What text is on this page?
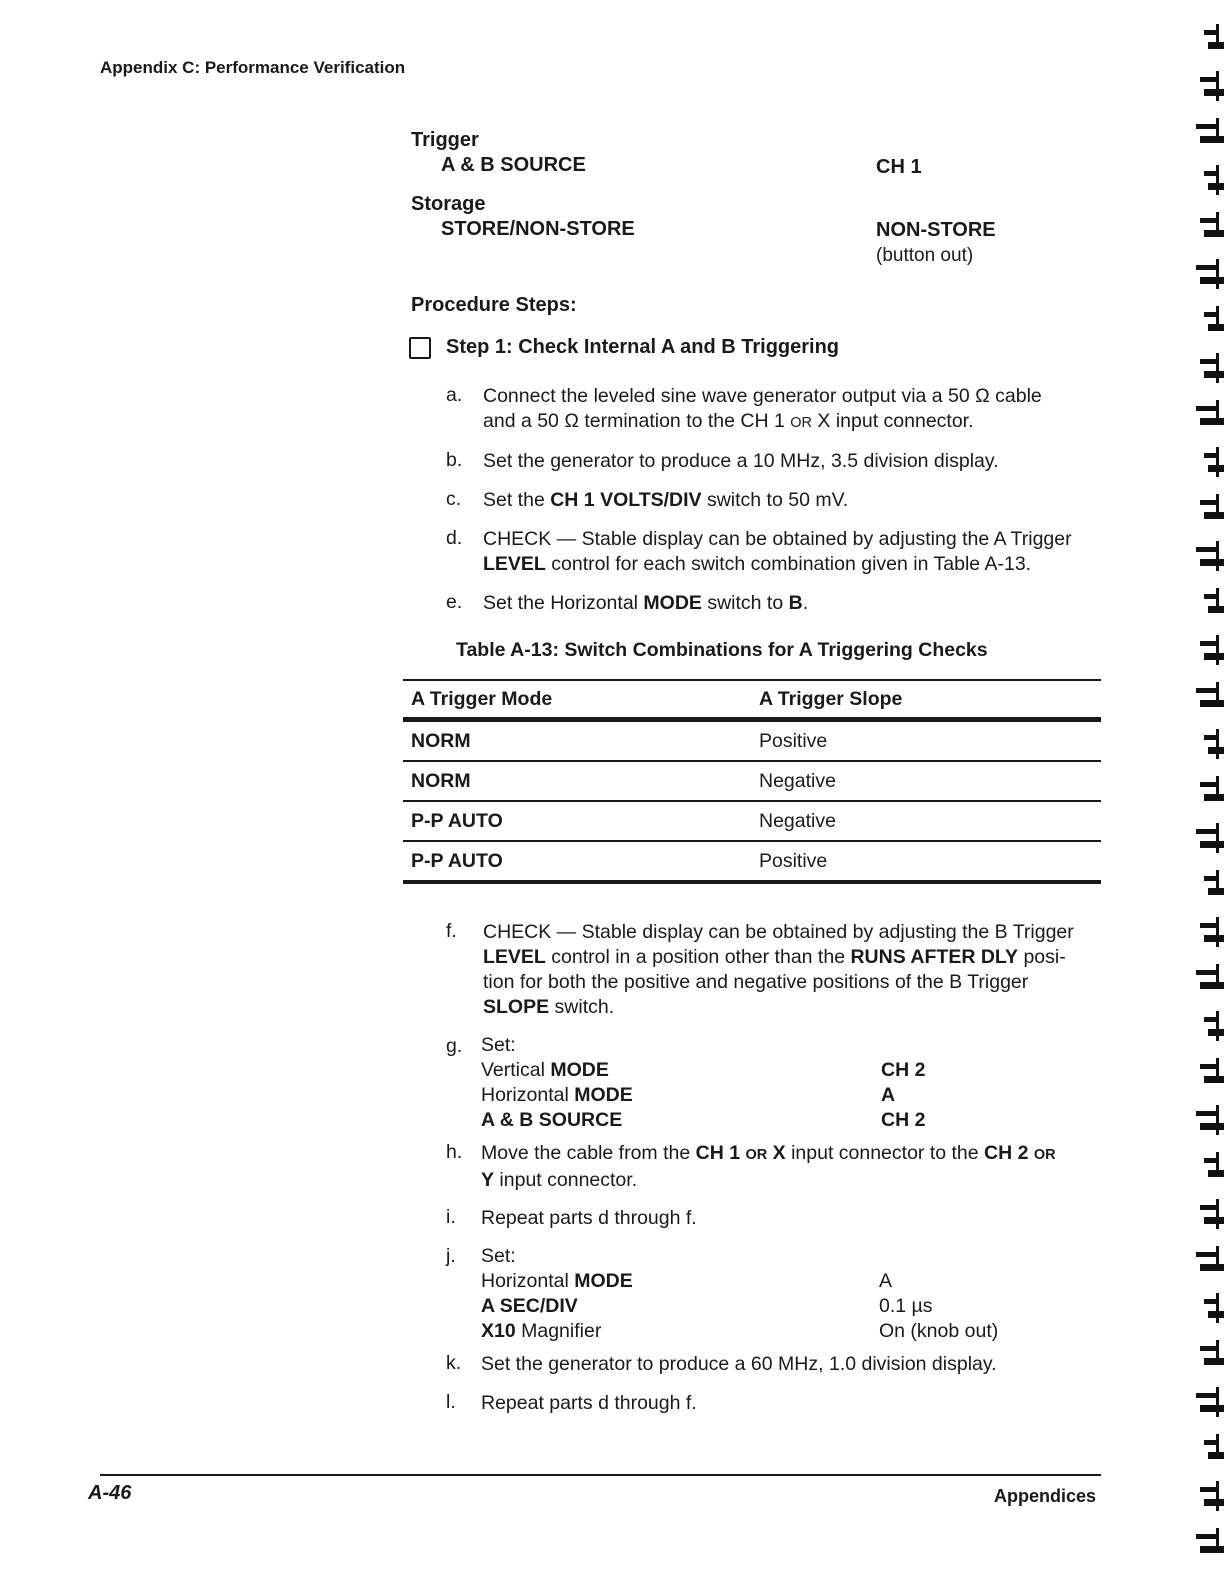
Appendix C: Performance Verification
Trigger
A & B SOURCE	CH 1
Storage
STORE/NON-STORE	NON-STORE
(button out)
Procedure Steps:
Step 1: Check Internal A and B Triggering
a. Connect the leveled sine wave generator output via a 50 Ω cable
and a 50 Ω termination to the CH 1 OR X input connector.
b. Set the generator to produce a 10 MHz, 3.5 division display.
c. Set the CH 1 VOLTS/DIV switch to 50 mV.
d. CHECK — Stable display can be obtained by adjusting the A Trigger
LEVEL control for each switch combination given in Table A-13.
e. Set the Horizontal MODE switch to B.
Table A-13: Switch Combinations for A Triggering Checks
A Trigger Mode	A Trigger Slope
NORM	Positive
NORM	Negative
P-P AUTO	Negative
P-P AUTO	Positive
f. CHECK — Stable display can be obtained by adjusting the B Trigger
LEVEL control in a position other than the RUNS AFTER DLY posi-
tion for both the positive and negative positions of the B Trigger
SLOPE switch.
g. Set:
Vertical MODE	CH 2
Horizontal MODE	A
A & B SOURCE	CH 2
h. Move the cable from the CH 1 OR X input connector to the CH 2 OR
Y input connector.
i. Repeat parts d through f.
j. Set:
Horizontal MODE	A
A SEC/DIV	0.1 µs
X10 Magnifier	On (knob out)
k. Set the generator to produce a 60 MHz, 1.0 division display.
l. Repeat parts d through f.
A-46	Appendices
